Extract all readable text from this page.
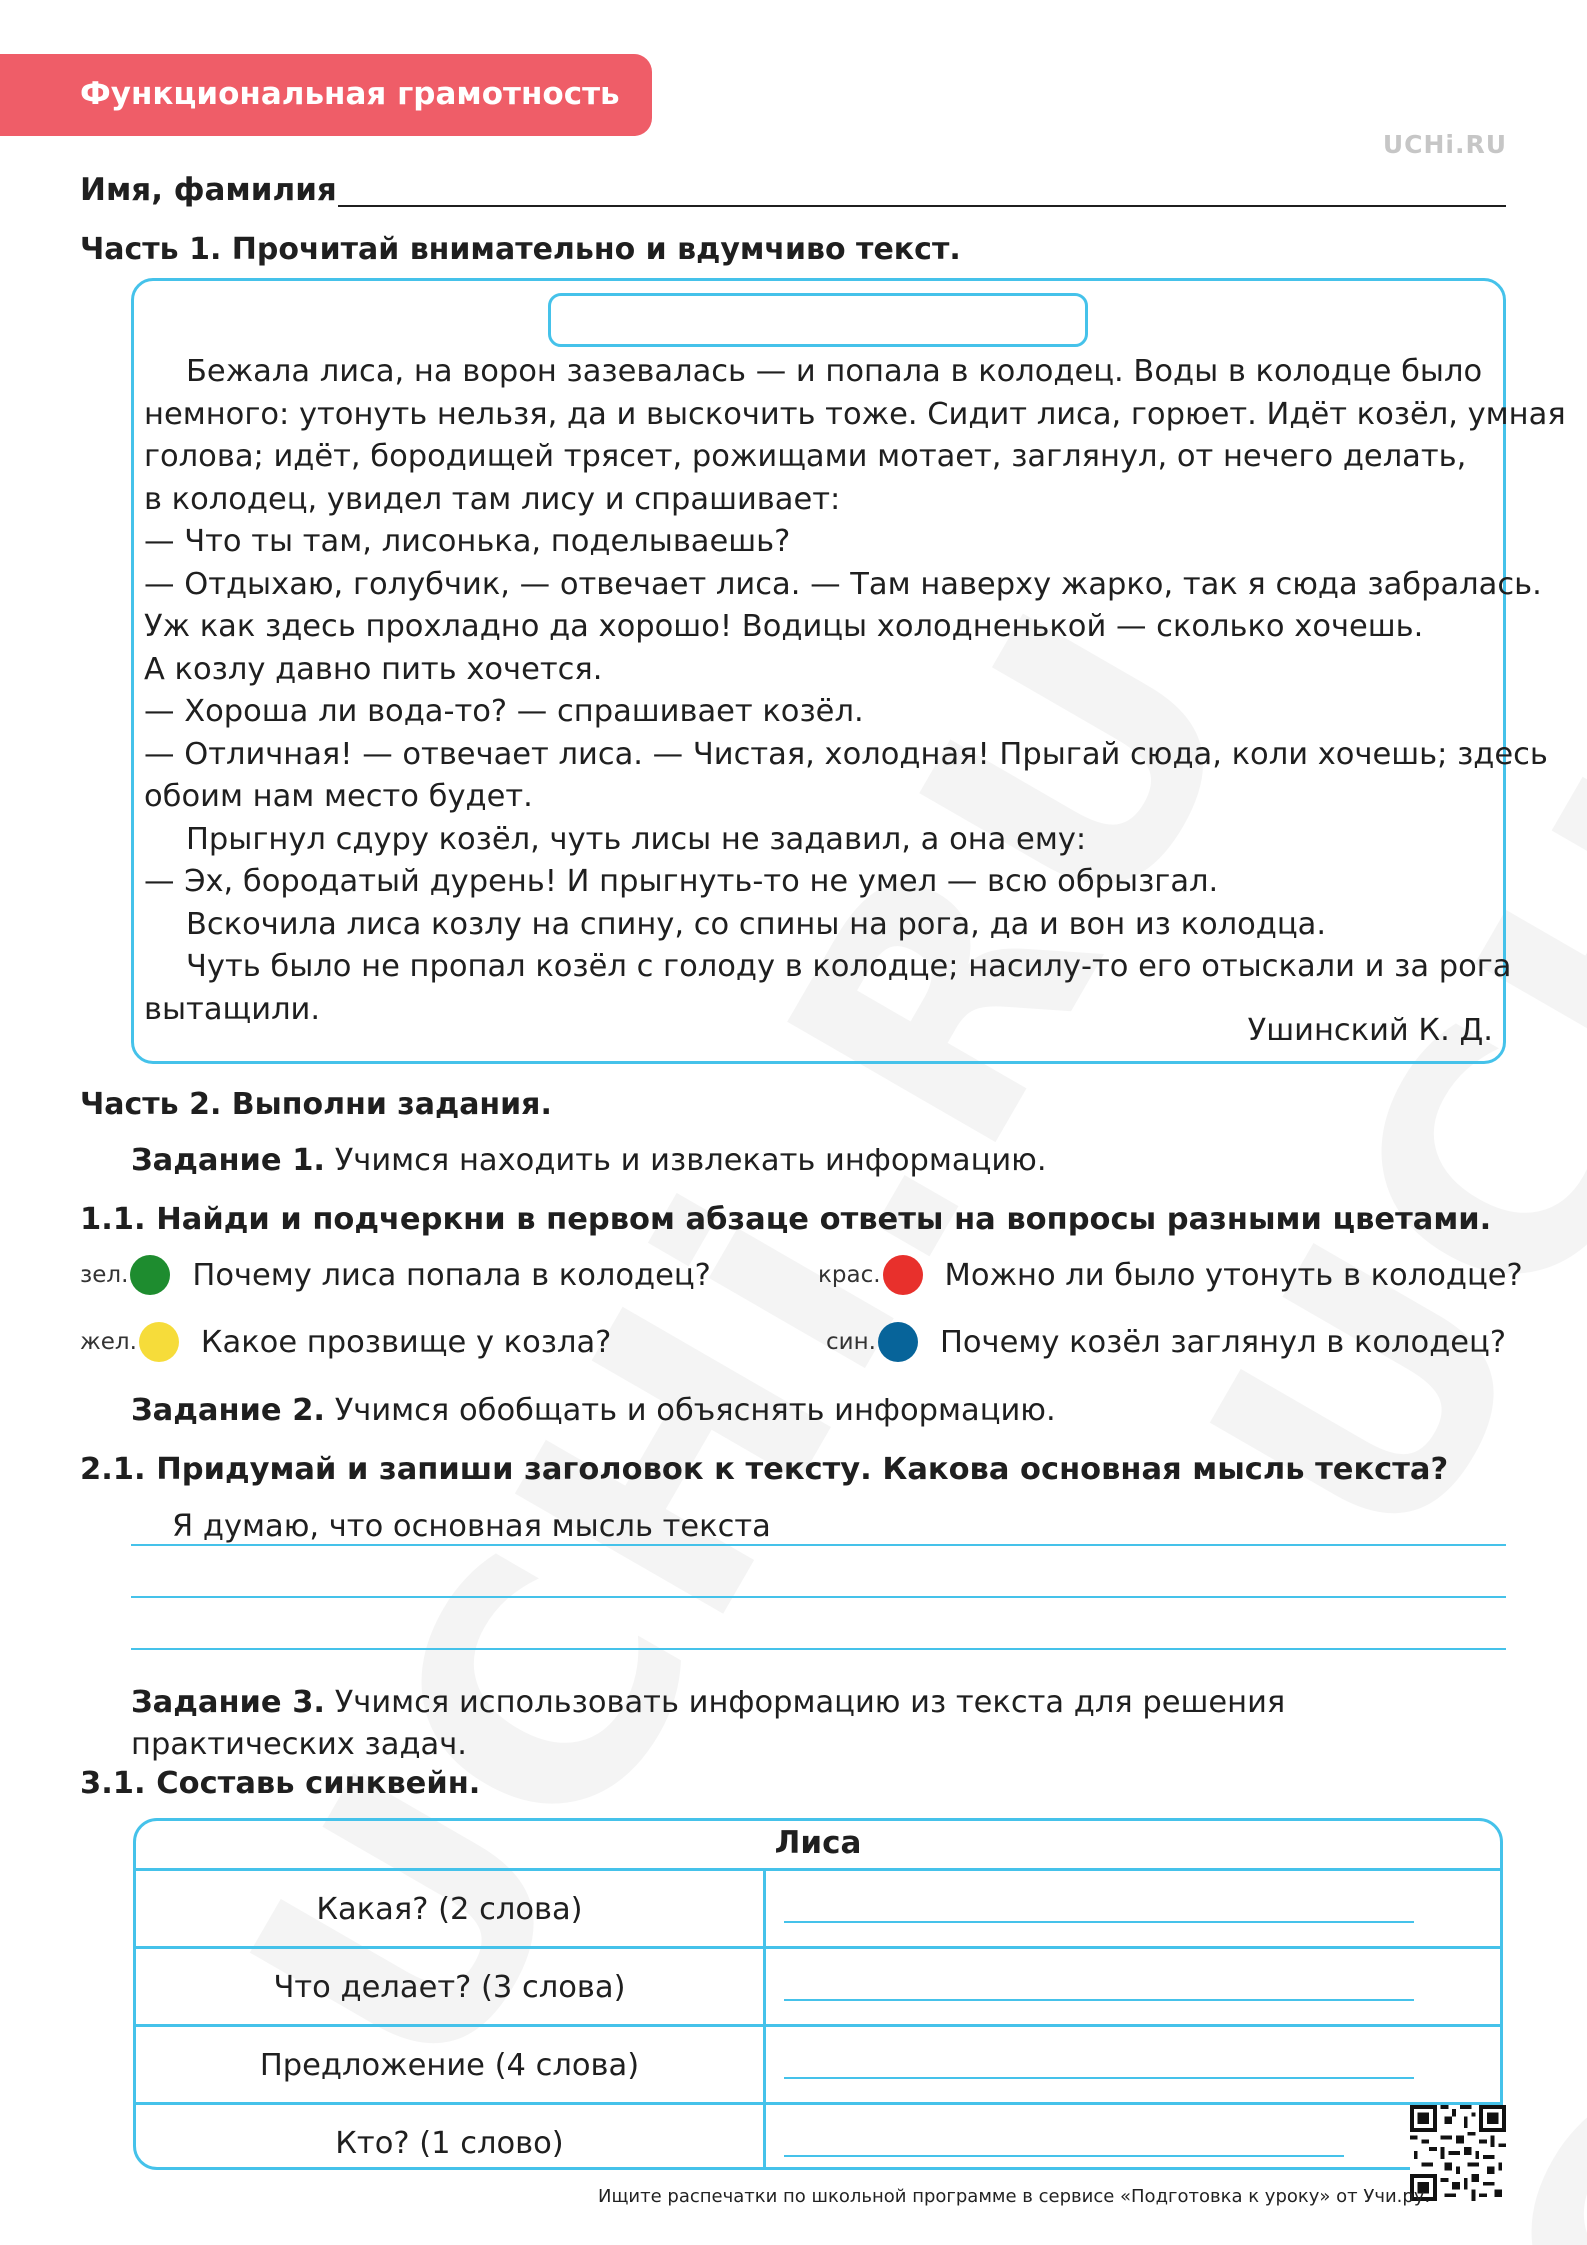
Функциональная грамотность
UCHi.RU
Имя, фамилия
Часть 1. Прочитай внимательно и вдумчиво текст.

Бежала лиса, на ворон зазевалась — и попала в колодец. Воды в колодце было

немного: утонуть нельзя, да и выскочить тоже. Сидит лиса, горюет. Идёт козёл, умная

голова; идёт, бородищей трясет, рожищами мотает, заглянул, от нечего делать,

в колодец, увидел там лису и спрашивает:

— Что ты там, лисонька, поделываешь?

— Отдыхаю, голубчик, — отвечает лиса. — Там наверху жарко, так я сюда забралась.

Уж как здесь прохладно да хорошо! Водицы холодненькой — сколько хочешь.

А козлу давно пить хочется.

— Хороша ли вода-то? — спрашивает козёл.

— Отличная! — отвечает лиса. — Чистая, холодная! Прыгай сюда, коли хочешь; здесь

обоим нам место будет.

Прыгнул сдуру козёл, чуть лисы не задавил, а она ему:

— Эх, бородатый дурень! И прыгнуть-то не умел — всю обрызгал.

Вскочила лиса козлу на спину, со спины на рога, да и вон из колодца.

Чуть было не пропал козёл с голоду в колодце; насилу-то его отыскали и за рога

вытащили.

Ушинский К. Д.
Часть 2. Выполни задания.
Задание 1. Учимся находить и извлекать информацию.
1.1. Найди и подчеркни в первом абзаце ответы на вопросы разными цветами.
зел. Почему лиса попала в колодец?	крас. Можно ли было утонуть в колодце?
жел. Какое прозвище у козла?	син. Почему козёл заглянул в колодец?
Задание 2. Учимся обобщать и объяснять информацию.
2.1. Придумай и запиши заголовок к тексту. Какова основная мысль текста?
Я думаю, что основная мысль текста
Задание 3. Учимся использовать информацию из текста для решения практических задач.
3.1. Составь синквейн.
Лиса
Какая? (2 слова)
Что делает? (3 слова)
Предложение (4 слова)
Кто? (1 слово)
Ищите распечатки по школьной программе в сервисе «Подготовка к уроку» от Учи.ру.
